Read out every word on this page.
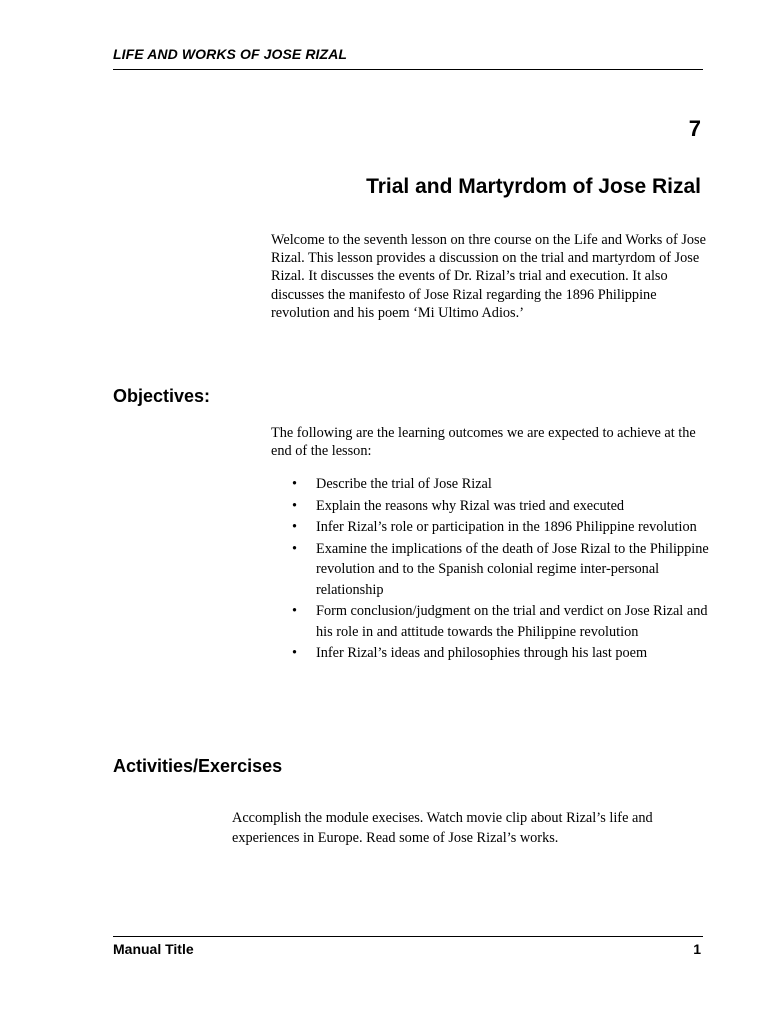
LIFE AND WORKS OF JOSE RIZAL
7
Trial and Martyrdom of Jose Rizal

Welcome to the seventh lesson on thre course on the Life and Works of Jose Rizal. This lesson provides a discussion on the trial and martyrdom of Jose Rizal. It discusses the events of Dr. Rizal’s trial and execution. It also discusses the manifesto of Jose Rizal regarding the 1896 Philippine revolution and his poem ‘Mi Ultimo Adios.’

Objectives:

The following are the learning outcomes we are expected to achieve at the end of the lesson:

• Describe the trial of Jose Rizal
• Explain the reasons why Rizal was tried and executed
• Infer Rizal’s role or participation in the 1896 Philippine revolution
• Examine the implications of the death of Jose Rizal to the Philippine revolution and to the Spanish colonial regime inter-personal relationship
• Form conclusion/judgment on the trial and verdict on Jose Rizal and his role in and attitude towards the Philippine revolution
• Infer Rizal’s ideas and philosophies through his last poem
Activities/Exercises

Accomplish the module execises. Watch movie clip about Rizal’s life and experiences in Europe. Read some of Jose Rizal’s works.

Manual Title	1
